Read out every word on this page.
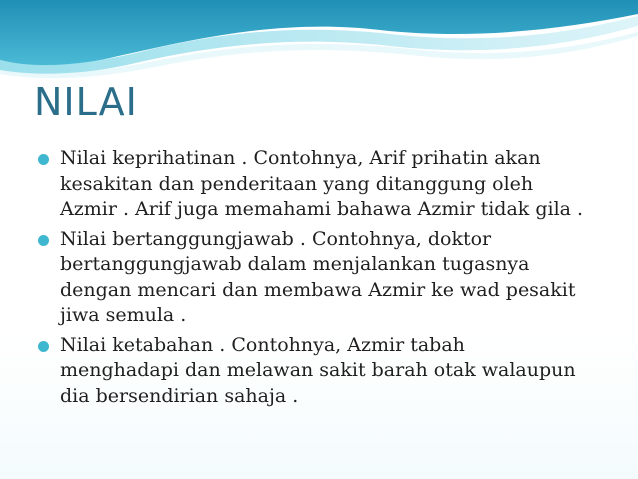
NILAI
Nilai keprihatinan . Contohnya, Arif prihatin akan
kesakitan dan penderitaan yang ditanggung oleh
Azmir . Arif juga memahami bahawa Azmir tidak gila .
Nilai bertanggungjawab . Contohnya, doktor
bertanggungjawab dalam menjalankan tugasnya
dengan mencari dan membawa Azmir ke wad pesakit
jiwa semula .
Nilai ketabahan . Contohnya, Azmir tabah
menghadapi dan melawan sakit barah otak walaupun
dia bersendirian sahaja .
